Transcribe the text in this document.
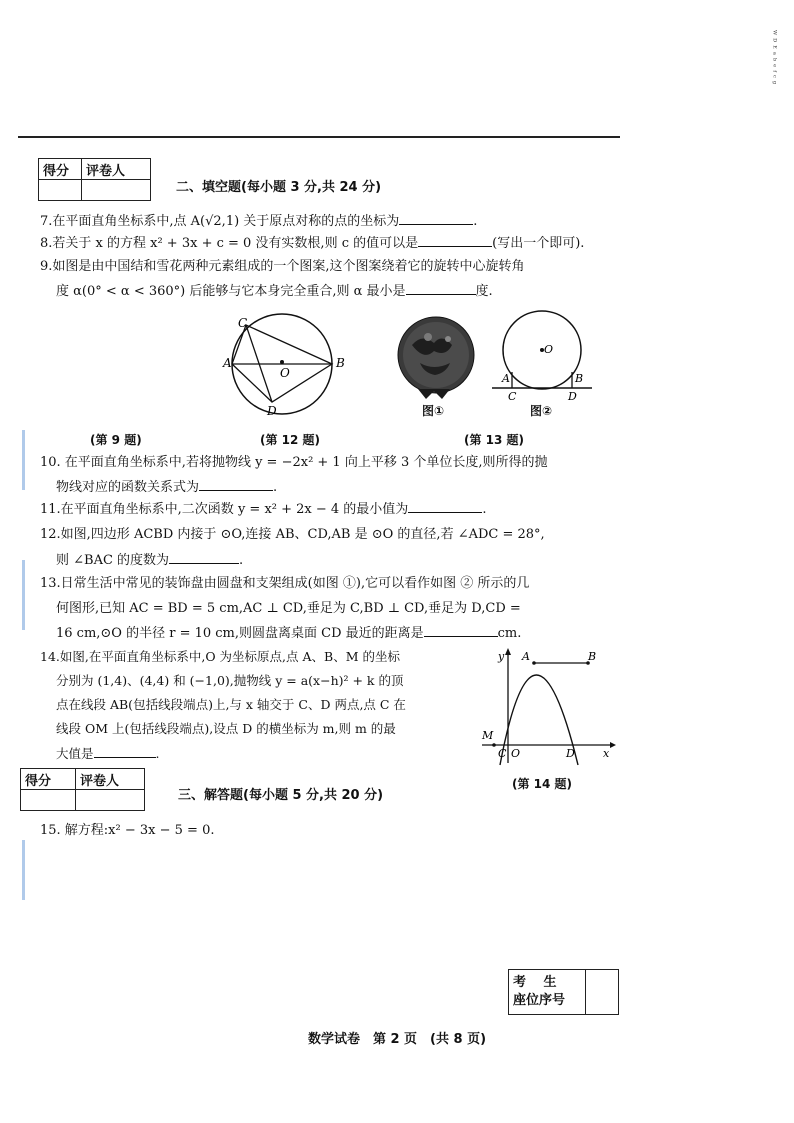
ᵂᴰᴱᵃᵇᵉᶠᶜᵍ
得分	评卷人

二、填空题(每小题 3 分,共 24 分)
7.在平面直角坐标系中,点 A(√2,1) 关于原点对称的点的坐标为	.
8.若关于 x 的方程 x² + 3x + c = 0 没有实数根,则 c 的值可以是	(写出一个即可).
9.如图是由中国结和雪花两种元素组成的一个图案,这个图案绕着它的旋转中心旋转角
度 α(0° < α < 360°) 后能够与它本身完全重合,则 α 最小是	度.
C
A	B
O
D
O
A	B
C	D
图①	图②
(第 9 题)	(第 12 题)	(第 13 题)
10. 在平面直角坐标系中,若将抛物线 y = −2x² + 1 向上平移 3 个单位长度,则所得的抛
物线对应的函数关系式为	.
11.在平面直角坐标系中,二次函数 y = x² + 2x − 4 的最小值为	.
12.如图,四边形 ACBD 内接于 ⊙O,连接 AB、CD,AB 是 ⊙O 的直径,若 ∠ADC = 28°,
则 ∠BAC 的度数为	.
13.日常生活中常见的装饰盘由圆盘和支架组成(如图 ①),它可以看作如图 ② 所示的几
何图形,已知 AC = BD = 5 cm,AC ⊥ CD,垂足为 C,BD ⊥ CD,垂足为 D,CD =
16 cm,⊙O 的半径 r = 10 cm,则圆盘离桌面 CD 最近的距离是	cm.
14.如图,在平面直角坐标系中,O 为坐标原点,点 A、B、M 的坐标
分别为 (1,4)、(4,4) 和 (−1,0),抛物线 y = a(x−h)² + k 的顶
点在线段 AB(包括线段端点)上,与 x 轴交于 C、D 两点,点 C 在
线段 OM 上(包括线段端点),设点 D 的横坐标为 m,则 m 的最
大值是	.
y A	B
M
C O	D	x
(第 14 题)
得分	评卷人

三、解答题(每小题 5 分,共 20 分)
15. 解方程:x² − 3x − 5 = 0.
考　 生
座位序号

数学试卷　第 2 页　(共 8 页)
